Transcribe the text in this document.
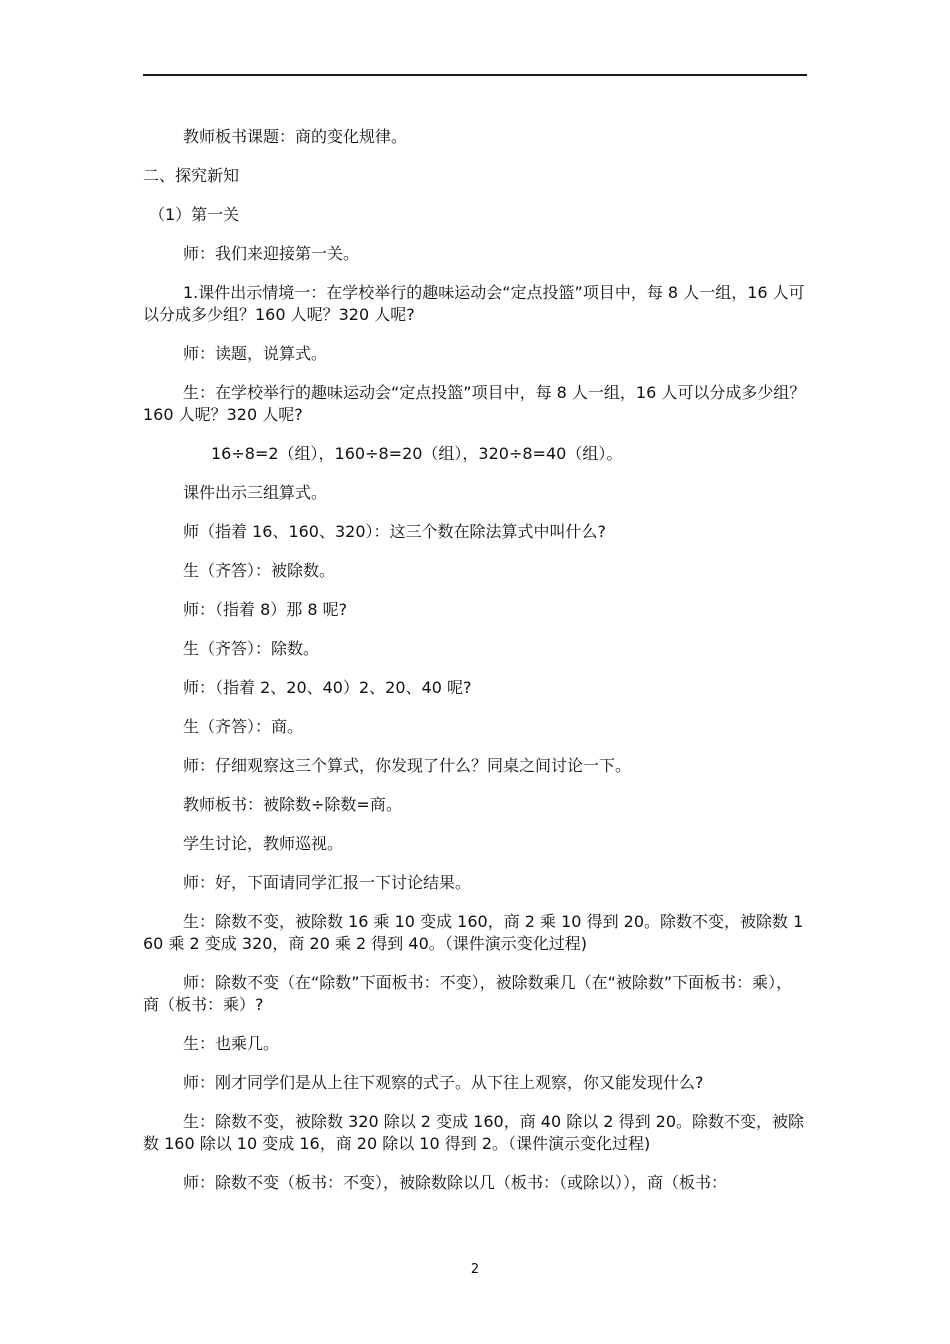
教师板书课题：商的变化规律。

二、探究新知

（1）第一关

师：我们来迎接第一关。

1.课件出示情境一：在学校举行的趣味运动会“定点投篮”项目中，每 8 人一组，16 人可以分成多少组？160 人呢？320 人呢?

师：读题，说算式。

生：在学校举行的趣味运动会“定点投篮”项目中，每 8 人一组，16 人可以分成多少组？160 人呢？320 人呢?

16÷8=2（组），160÷8=20（组），320÷8=40（组）。

课件出示三组算式。

师（指着 16、160、320）：这三个数在除法算式中叫什么?

生（齐答）：被除数。

师：（指着 8）那 8 呢?

生（齐答）：除数。

师：（指着 2、20、40）2、20、40 呢?

生（齐答）：商。

师：仔细观察这三个算式，你发现了什么？同桌之间讨论一下。

教师板书：被除数÷除数=商。

学生讨论，教师巡视。

师：好，下面请同学汇报一下讨论结果。

生：除数不变，被除数 16 乘 10 变成 160，商 2 乘 10 得到 20。除数不变，被除数 160 乘 2 变成 320，商 20 乘 2 得到 40。（课件演示变化过程)

师：除数不变（在“除数”下面板书：不变），被除数乘几（在“被除数”下面板书：乘），商（板书：乘）?

生：也乘几。

师：刚才同学们是从上往下观察的式子。从下往上观察，你又能发现什么?

生：除数不变，被除数 320 除以 2 变成 160，商 40 除以 2 得到 20。除数不变，被除数 160 除以 10 变成 16，商 20 除以 10 得到 2。（课件演示变化过程)

师：除数不变（板书：不变），被除数除以几（板书：（或除以）），商（板书：

2
